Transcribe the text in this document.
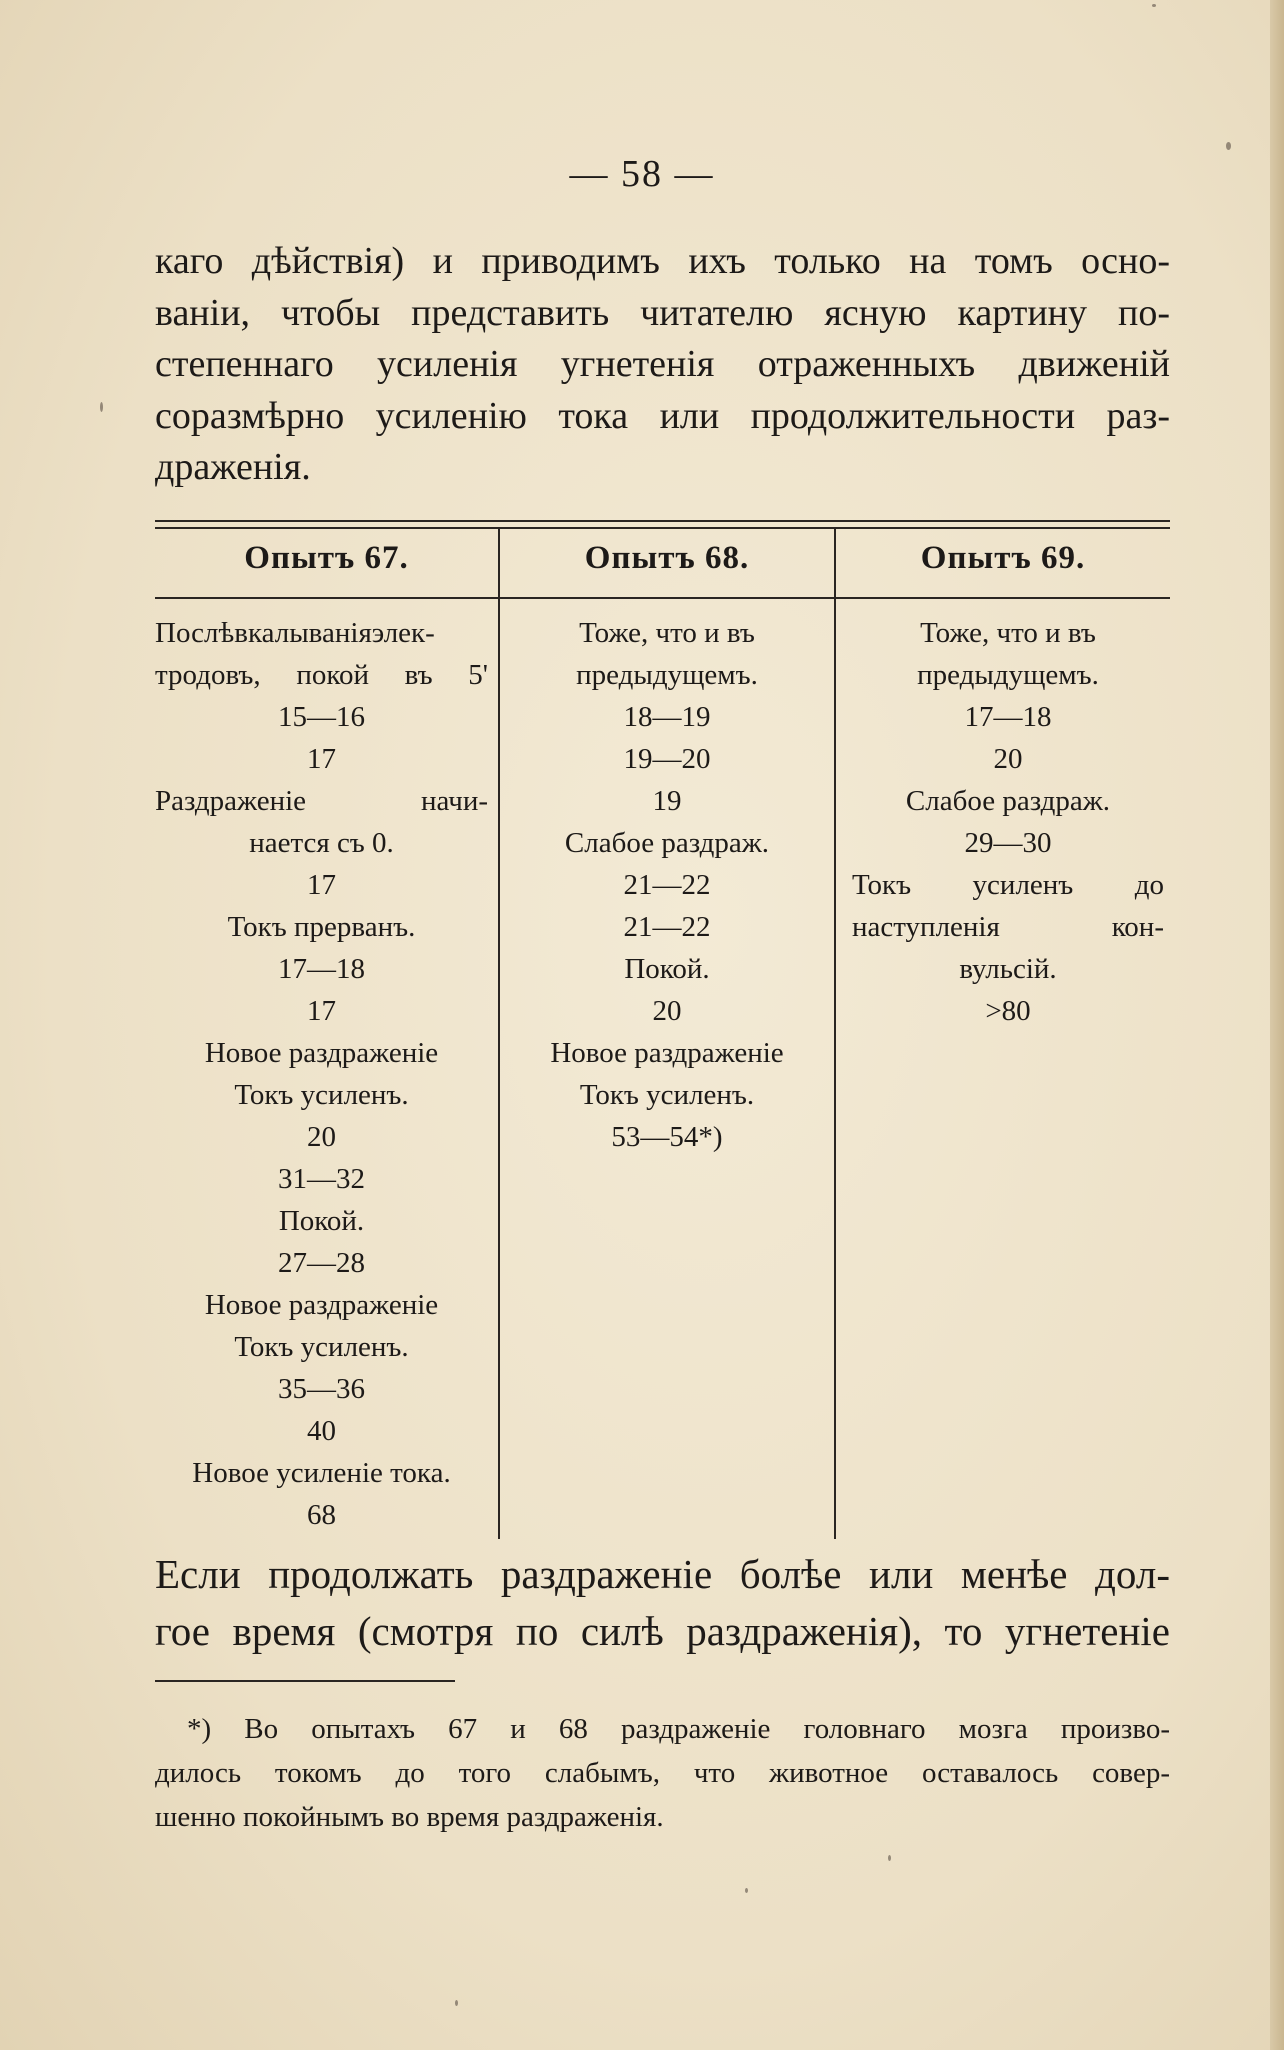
— 58 —
каго дѣйствія) и приводимъ ихъ только на томъ осно-
ваніи, чтобы представить читателю ясную картину по-
степеннаго усиленія угнетенія отраженныхъ движеній
соразмѣрно усиленію тока или продолжительности раз-
драженія.
Опытъ 67.	Опытъ 68.	Опытъ 69.
Послѣвкалываніяэлек-
тродовъ, покой въ 5'
15—16
17
Раздраженіе начи-
нается съ 0.
17
Токъ прерванъ.
17—18
17
Новое раздраженіе
Токъ усиленъ.
20
31—32
Покой.
27—28
Новое раздраженіе
Токъ усиленъ.
35—36
40
Новое усиленіе тока.
68
Тоже, что и въ
предыдущемъ.
18—19
19—20
19
Слабое раздраж.
21—22
21—22
Покой.
20
Новое раздраженіе
Токъ усиленъ.
53—54*)
Тоже, что и въ
предыдущемъ.
17—18
20
Слабое раздраж.
29—30
Токъ усиленъ до
наступленія кон-
вульсій.
>80
Если продолжать раздраженіе болѣе или менѣе дол-
гое время (смотря по силѣ раздраженія), то угнетеніе
*) Во опытахъ 67 и 68 раздраженіе головнаго мозга произво-
дилось токомъ до того слабымъ, что животное оставалось совер-
шенно покойнымъ во время раздраженія.
